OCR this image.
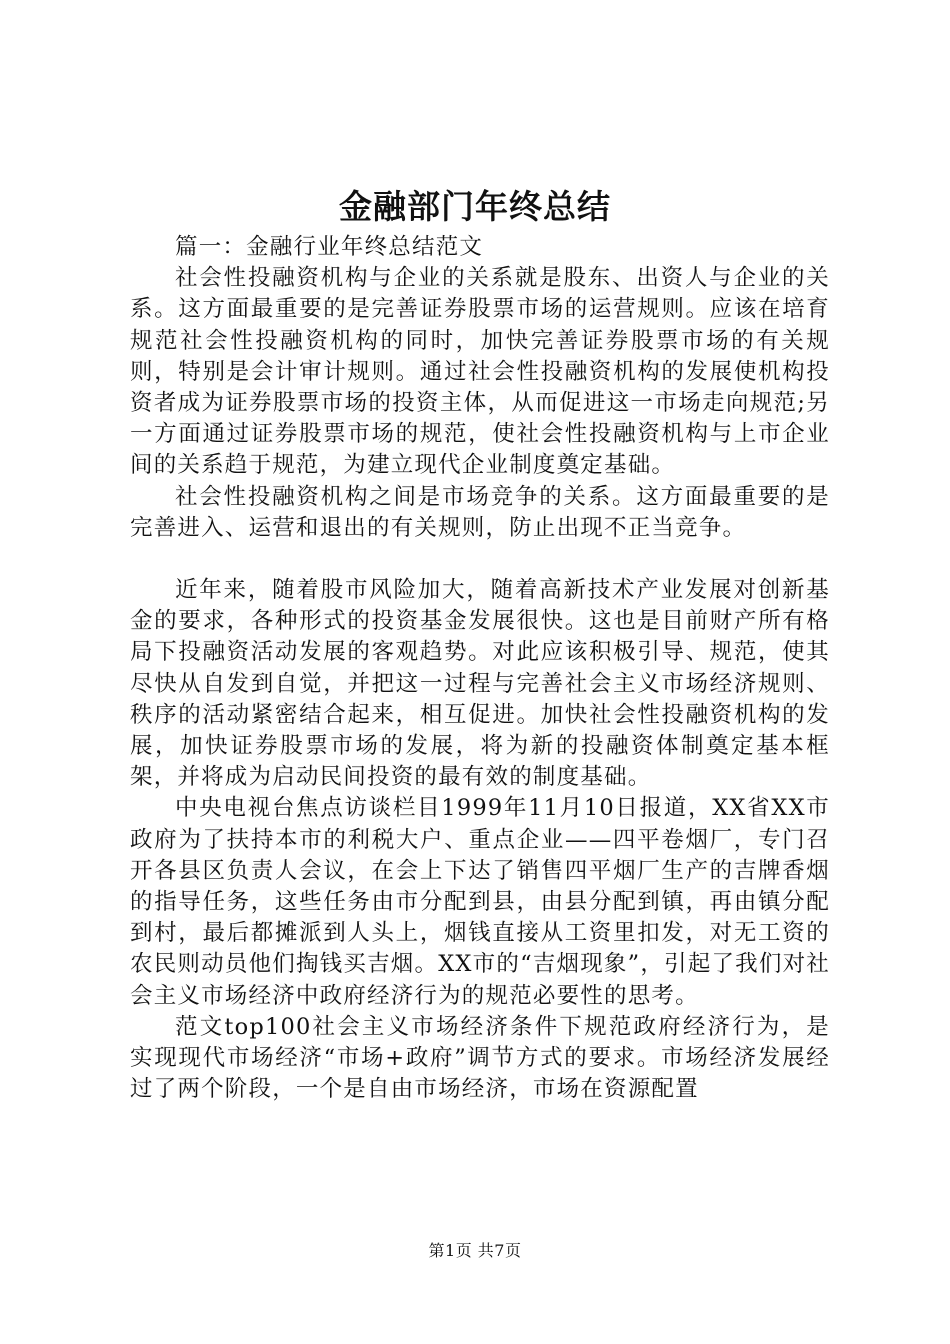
金融部门年终总结

篇一：金融行业年终总结范文

社会性投融资机构与企业的关系就是股东、出资人与企业的关系。这方面最重要的是完善证券股票市场的运营规则。应该在培育规范社会性投融资机构的同时，加快完善证券股票市场的有关规则，特别是会计审计规则。通过社会性投融资机构的发展使机构投资者成为证券股票市场的投资主体，从而促进这一市场走向规范;另一方面通过证券股票市场的规范，使社会性投融资机构与上市企业间的关系趋于规范，为建立现代企业制度奠定基础。

社会性投融资机构之间是市场竞争的关系。这方面最重要的是完善进入、运营和退出的有关规则，防止出现不正当竞争。

近年来，随着股市风险加大，随着高新技术产业发展对创新基金的要求，各种形式的投资基金发展很快。这也是目前财产所有格局下投融资活动发展的客观趋势。对此应该积极引导、规范，使其尽快从自发到自觉，并把这一过程与完善社会主义市场经济规则、秩序的活动紧密结合起来，相互促进。加快社会性投融资机构的发展，加快证券股票市场的发展，将为新的投融资体制奠定基本框架，并将成为启动民间投资的最有效的制度基础。

中央电视台焦点访谈栏目1999年11月10日报道，XX省XX市政府为了扶持本市的利税大户、重点企业——四平卷烟厂，专门召开各县区负责人会议，在会上下达了销售四平烟厂生产的吉牌香烟的指导任务，这些任务由市分配到县，由县分配到镇，再由镇分配到村，最后都摊派到人头上，烟钱直接从工资里扣发，对无工资的农民则动员他们掏钱买吉烟。XX市的“吉烟现象”，引起了我们对社会主义市场经济中政府经济行为的规范必要性的思考。

范文top100社会主义市场经济条件下规范政府经济行为，是实现现代市场经济“市场+政府”调节方式的要求。市场经济发展经过了两个阶段，一个是自由市场经济，市场在资源配置

第1页 共7页
